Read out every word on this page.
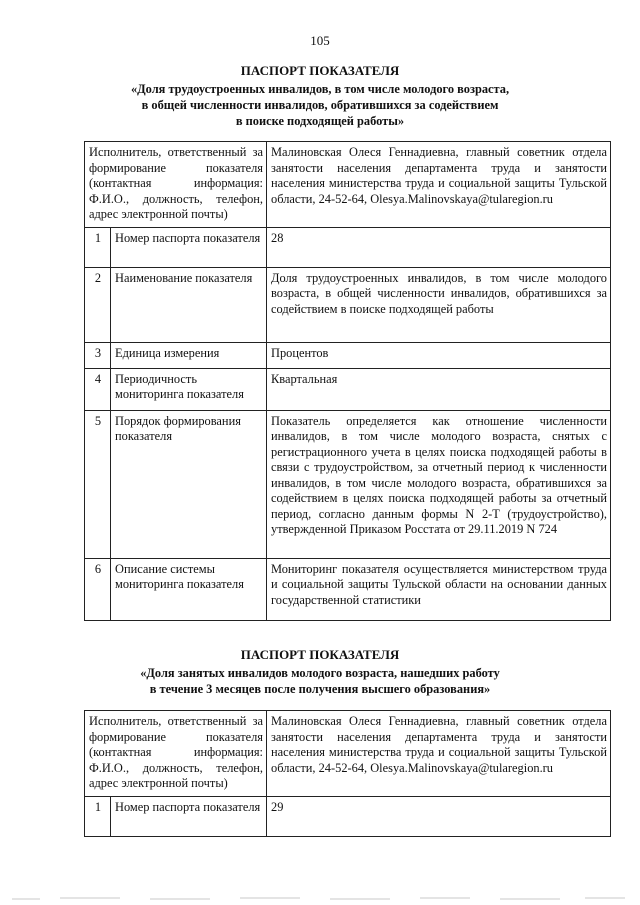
105
ПАСПОРТ ПОКАЗАТЕЛЯ
«Доля трудоустроенных инвалидов, в том числе молодого возраста,
в общей численности инвалидов, обратившихся за содействием
в поиске подходящей работы»
Исполнитель, ответственный за формирование показателя (контактная информация: Ф.И.О., должность, телефон, адрес электронной почты)		Малиновская Олеся Геннадиевна, главный советник отдела занятости населения департамента труда и занятости населения министерства труда и социальной защиты Тульской области, 24-52-64, Olesya.Malinovskaya@tularegion.ru
1	Номер паспорта показателя	28
2	Наименование показателя	Доля трудоустроенных инвалидов, в том числе молодого возраста, в общей численности инвалидов, обратившихся за содействием в поиске подходящей работы
3	Единица измерения	Процентов
4	Периодичность мониторинга показателя	Квартальная
5	Порядок формирования показателя	Показатель определяется как отношение численности инвалидов, в том числе молодого возраста, снятых с регистрационного учета в целях поиска подходящей работы в связи с трудоустройством, за отчетный период к численности инвалидов, в том числе молодого возраста, обратившихся за содействием в целях поиска подходящей работы за отчетный период, согласно данным формы N 2-Т (трудоустройство), утвержденной Приказом Росстата от 29.11.2019 N 724
6	Описание системы мониторинга показателя	Мониторинг показателя осуществляется министерством труда и социальной защиты Тульской области на основании данных государственной статистики
ПАСПОРТ ПОКАЗАТЕЛЯ
«Доля занятых инвалидов молодого возраста, нашедших работу
в течение 3 месяцев после получения высшего образования»
Исполнитель, ответственный за формирование показателя (контактная информация: Ф.И.О., должность, телефон, адрес электронной почты)		Малиновская Олеся Геннадиевна, главный советник отдела занятости населения департамента труда и занятости населения министерства труда и социальной защиты Тульской области, 24-52-64, Olesya.Malinovskaya@tularegion.ru
1	Номер паспорта показателя	29
